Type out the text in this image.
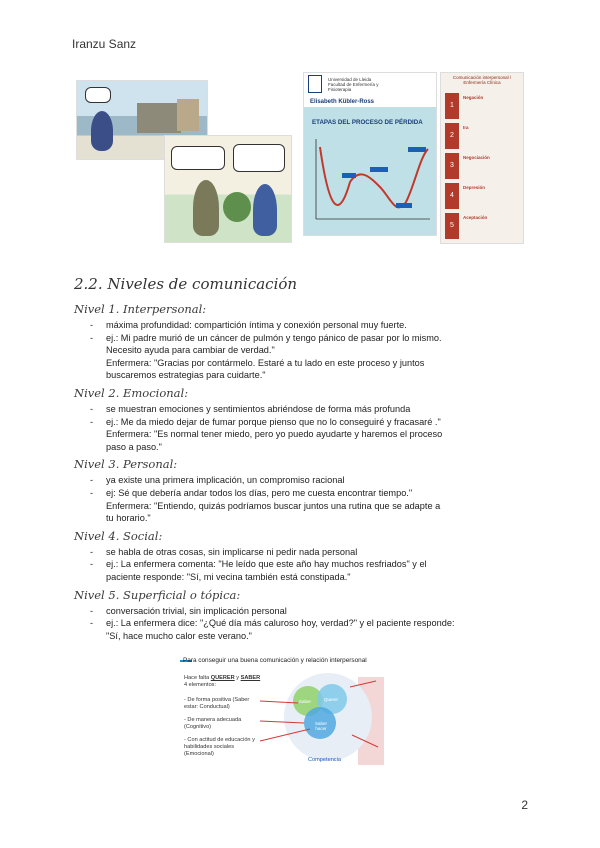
Iranzu Sanz
Universidad de Lleida
Facultad de Enfermería y Fisioterapia
Elisabeth Kübler-Ross
ETAPAS DEL PROCESO DE PÉRDIDA
Comunicación interpersonal / Enfermería Clínica
1
Negación
2
Ira
3
Negociación
4
Depresión
5
Aceptación
2.2. Niveles de comunicación
Nivel 1. Interpersonal:
- máxima profundidad: compartición íntima y conexión personal muy fuerte.
- ej.: Mi padre murió de un cáncer de pulmón y tengo pánico de pasar por lo mismo.
Necesito ayuda para cambiar de verdad."
Enfermera: "Gracias por contármelo. Estaré a tu lado en este proceso y juntos
buscaremos estrategias para cuidarte."
Nivel 2. Emocional:
- se muestran emociones y sentimientos abriéndose de forma más profunda
- ej.: Me da miedo dejar de fumar porque pienso que no lo conseguiré y fracasaré ."
Enfermera: "Es normal tener miedo, pero yo puedo ayudarte y haremos el proceso
paso a paso."
Nivel 3. Personal:
- ya existe una primera implicación, un compromiso racional
- ej: Sé que debería andar todos los días, pero me cuesta encontrar tiempo."
Enfermera: "Entiendo, quizás podríamos buscar juntos una rutina que se adapte a
tu horario."
Nivel 4. Social:
- se habla de otras cosas, sin implicarse ni pedir nada personal
- ej.: La enfermera comenta: "He leído que este año hay muchos resfriados" y el
paciente responde: "Sí, mi vecina también está constipada."
Nivel 5. Superficial o tópica:
- conversación trivial, sin implicación personal
- ej.: La enfermera dice: "¿Qué día más caluroso hoy, verdad?" y el paciente responde:
"Sí, hace mucho calor este verano."
Para conseguir una buena comunicación y relación interpersonal
Hace falta QUERER y SABER 4 elementos:
- De forma positiva (Saber estar: Conductual)
- De manera adecuada (Cognitivo)
- Con actitud de educación y habilidades sociales (Emocional)
Saber	Querer
Saber hacer
Competencia
2
